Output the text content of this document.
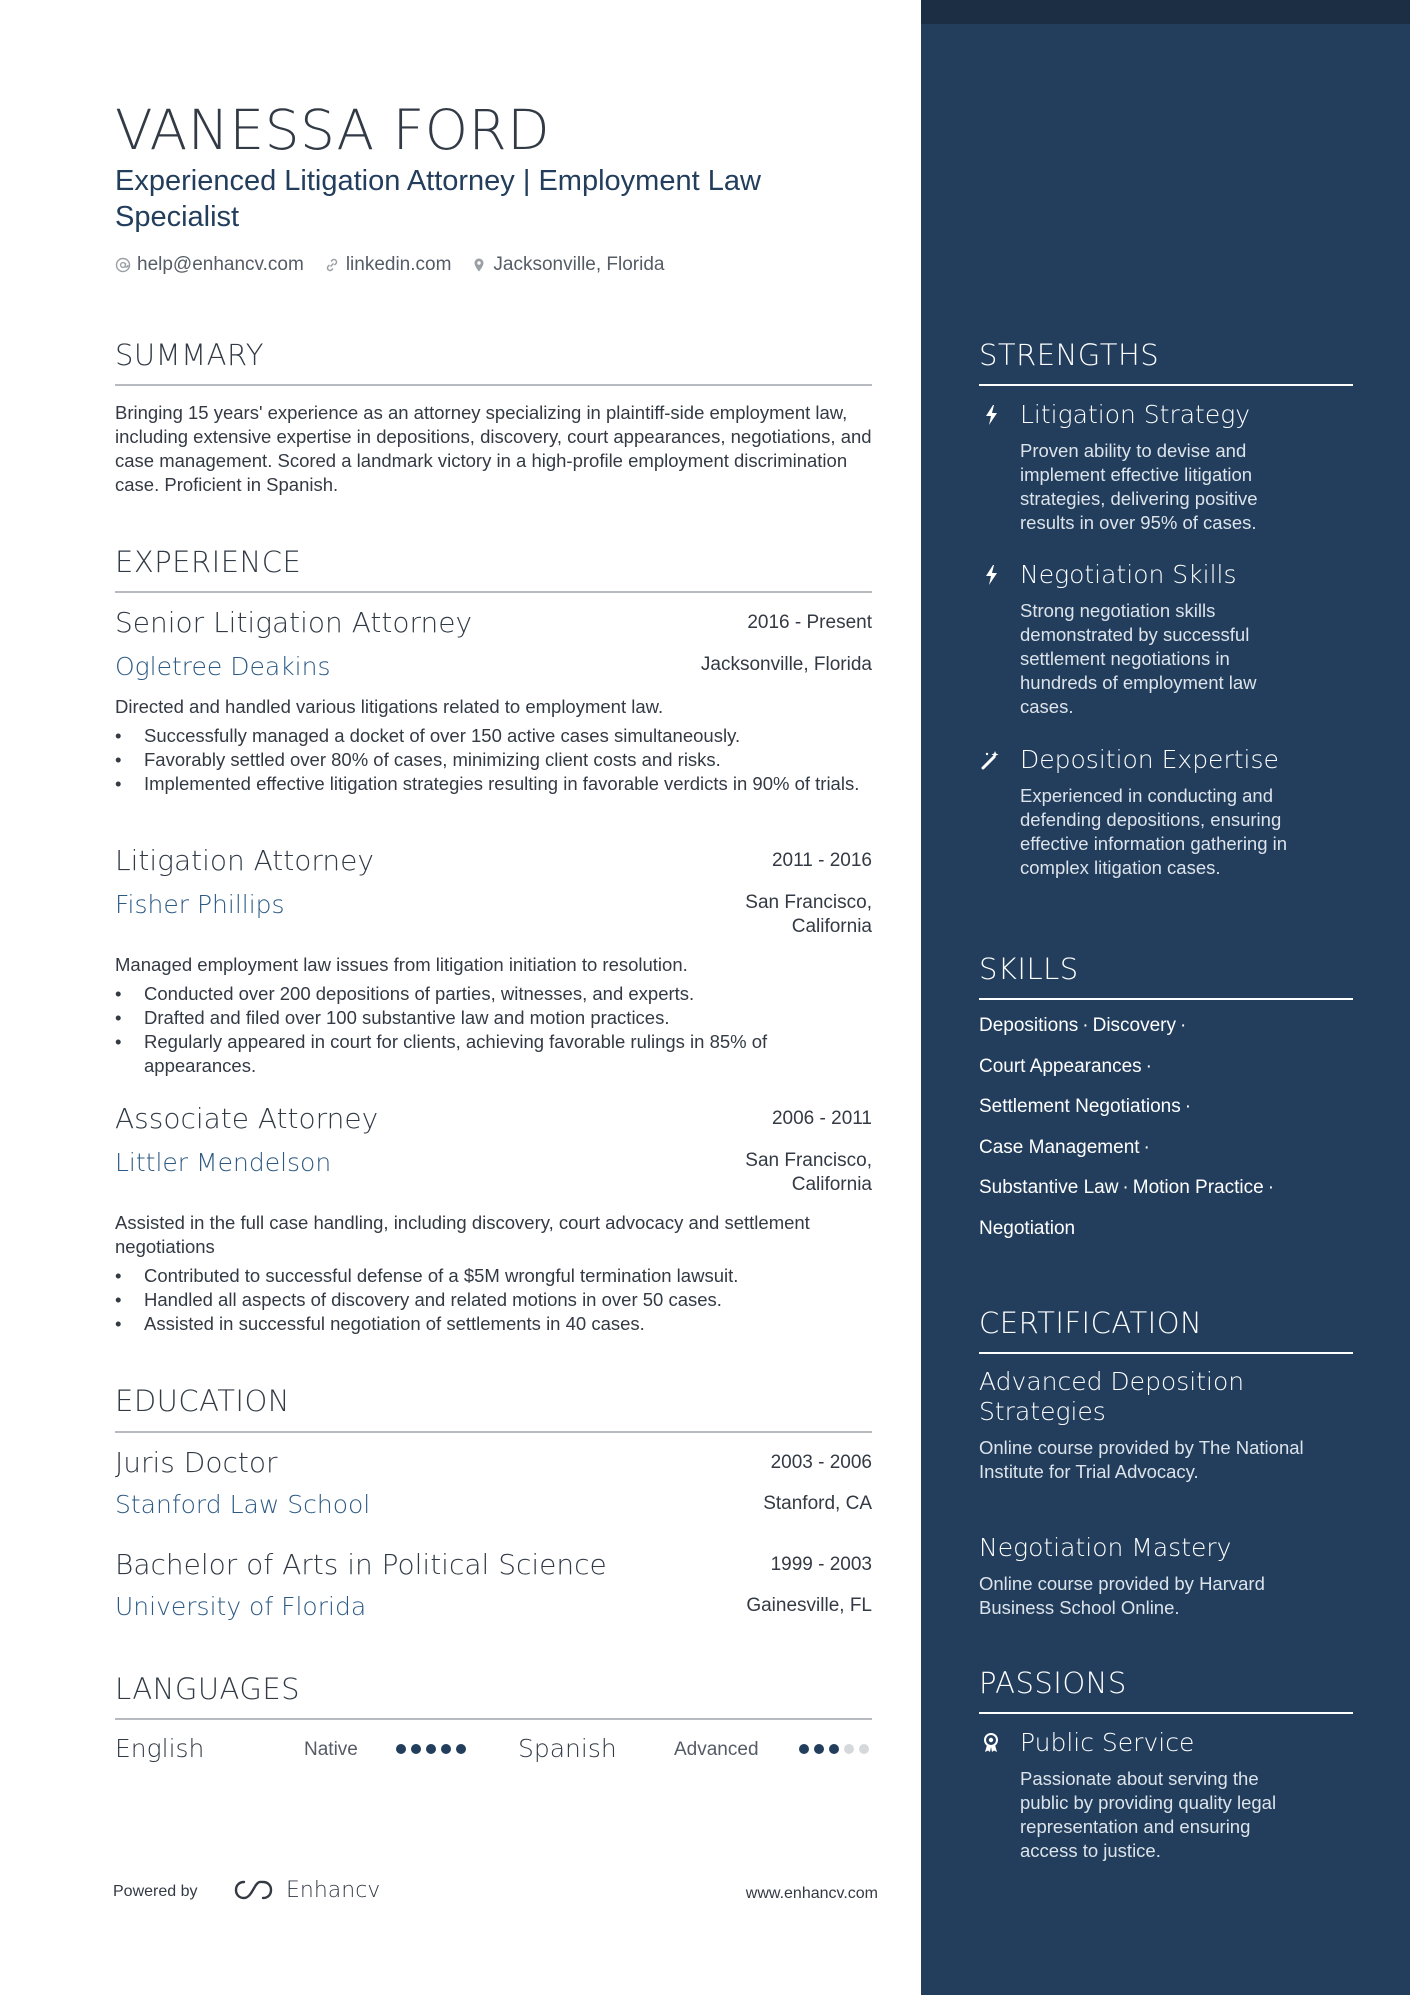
VANESSA FORD
Experienced Litigation Attorney | Employment Law Specialist
help@enhancv.com linkedin.com Jacksonville, Florida
SUMMARY
Bringing 15 years' experience as an attorney specializing in plaintiff-side employment law, including extensive expertise in depositions, discovery, court appearances, negotiations, and case management. Scored a landmark victory in a high-profile employment discrimination case. Proficient in Spanish.
EXPERIENCE
Senior Litigation Attorney	2016 - Present
Ogletree Deakins	Jacksonville, Florida
Directed and handled various litigations related to employment law.
• Successfully managed a docket of over 150 active cases simultaneously.
• Favorably settled over 80% of cases, minimizing client costs and risks.
• Implemented effective litigation strategies resulting in favorable verdicts in 90% of trials.
Litigation Attorney	2011 - 2016
Fisher Phillips	San Francisco,
California
Managed employment law issues from litigation initiation to resolution.
• Conducted over 200 depositions of parties, witnesses, and experts.
• Drafted and filed over 100 substantive law and motion practices.
• Regularly appeared in court for clients, achieving favorable rulings in 85% of appearances.
Associate Attorney	2006 - 2011
Littler Mendelson	San Francisco,
California
Assisted in the full case handling, including discovery, court advocacy and settlement negotiations
• Contributed to successful defense of a $5M wrongful termination lawsuit.
• Handled all aspects of discovery and related motions in over 50 cases.
• Assisted in successful negotiation of settlements in 40 cases.
EDUCATION
Juris Doctor	2003 - 2006
Stanford Law School	Stanford, CA
Bachelor of Arts in Political Science	1999 - 2003
University of Florida	Gainesville, FL
LANGUAGES
English	Native	Spanish	Advanced
Powered by	Enhancv	www.enhancv.com
STRENGTHS
Litigation Strategy
Proven ability to devise and implement effective litigation strategies, delivering positive results in over 95% of cases.
Negotiation Skills
Strong negotiation skills demonstrated by successful settlement negotiations in hundreds of employment law cases.
Deposition Expertise
Experienced in conducting and defending depositions, ensuring effective information gathering in complex litigation cases.
SKILLS
Depositions · Discovery ·
Court Appearances ·
Settlement Negotiations ·
Case Management ·
Substantive Law · Motion Practice ·
Negotiation
CERTIFICATION
Advanced Deposition Strategies
Online course provided by The National Institute for Trial Advocacy.
Negotiation Mastery
Online course provided by Harvard Business School Online.
PASSIONS
Public Service
Passionate about serving the public by providing quality legal representation and ensuring access to justice.
